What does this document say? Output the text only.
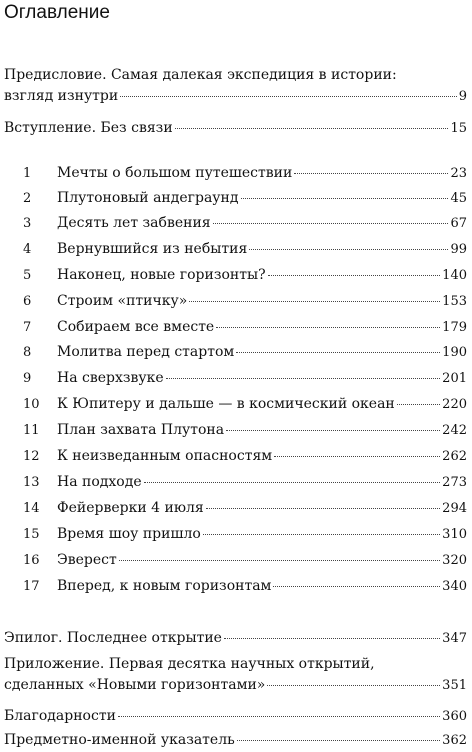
Оглавление
Предисловие. Самая далекая экспедиция в истории:
взгляд изнутри	9
Вступление. Без связи	15
1	Мечты о большом путешествии	23
2	Плутоновый андеграунд	45
3	Десять лет забвения	67
4	Вернувшийся из небытия	99
5	Наконец, новые горизонты?	140
6	Строим «птичку»	153
7	Собираем все вместе	179
8	Молитва перед стартом	190
9	На сверхзвуке	201
10	К Юпитеру и дальше — в космический океан	220
11	План захвата Плутона	242
12	К неизведанным опасностям	262
13	На подходе	273
14	Фейерверки 4 июля	294
15	Время шоу пришло	310
16	Эверест	320
17	Вперед, к новым горизонтам	340
Эпилог. Последнее открытие	347
Приложение. Первая десятка научных открытий,
сделанных «Новыми горизонтами»	351
Благодарности	360
Предметно-именной указатель	362
